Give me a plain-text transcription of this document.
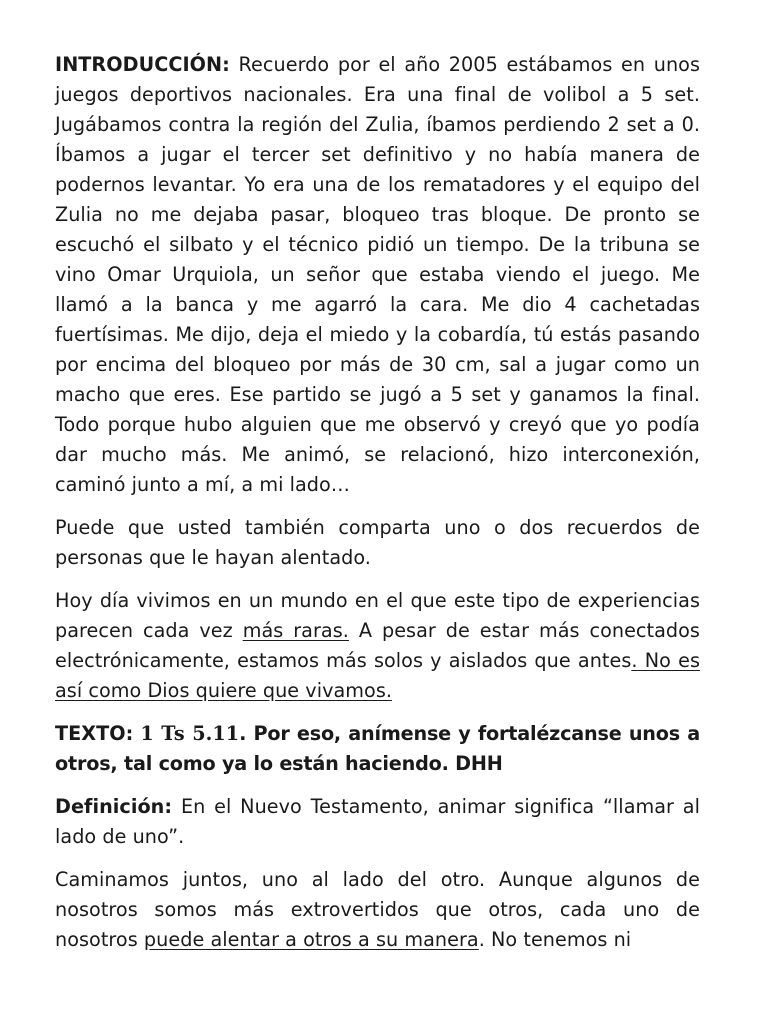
INTRODUCCIÓN: Recuerdo por el año 2005 estábamos en unos juegos deportivos nacionales. Era una final de volibol a 5 set. Jugábamos contra la región del Zulia, íbamos perdiendo 2 set a 0. Íbamos a jugar el tercer set definitivo y no había manera de podernos levantar. Yo era una de los rematadores y el equipo del Zulia no me dejaba pasar, bloqueo tras bloque. De pronto se escuchó el silbato y el técnico pidió un tiempo. De la tribuna se vino Omar Urquiola, un señor que estaba viendo el juego. Me llamó a la banca y me agarró la cara. Me dio 4 cachetadas fuertísimas. Me dijo, deja el miedo y la cobardía, tú estás pasando por encima del bloqueo por más de 30 cm, sal a jugar como un macho que eres. Ese partido se jugó a 5 set y ganamos la final. Todo porque hubo alguien que me observó y creyó que yo podía dar mucho más. Me animó, se relacionó, hizo interconexión, caminó junto a mí, a mi lado…

Puede que usted también comparta uno o dos recuerdos de personas que le hayan alentado.

Hoy día vivimos en un mundo en el que este tipo de experiencias parecen cada vez más raras. A pesar de estar más conectados electrónicamente, estamos más solos y aislados que antes. No es así como Dios quiere que vivamos.

TEXTO: 1 Ts 5.11. Por eso, anímense y fortalézcanse unos a otros, tal como ya lo están haciendo. DHH

Definición: En el Nuevo Testamento, animar significa “llamar al lado de uno”.

Caminamos juntos, uno al lado del otro. Aunque algunos de nosotros somos más extrovertidos que otros, cada uno de nosotros puede alentar a otros a su manera. No tenemos ni
